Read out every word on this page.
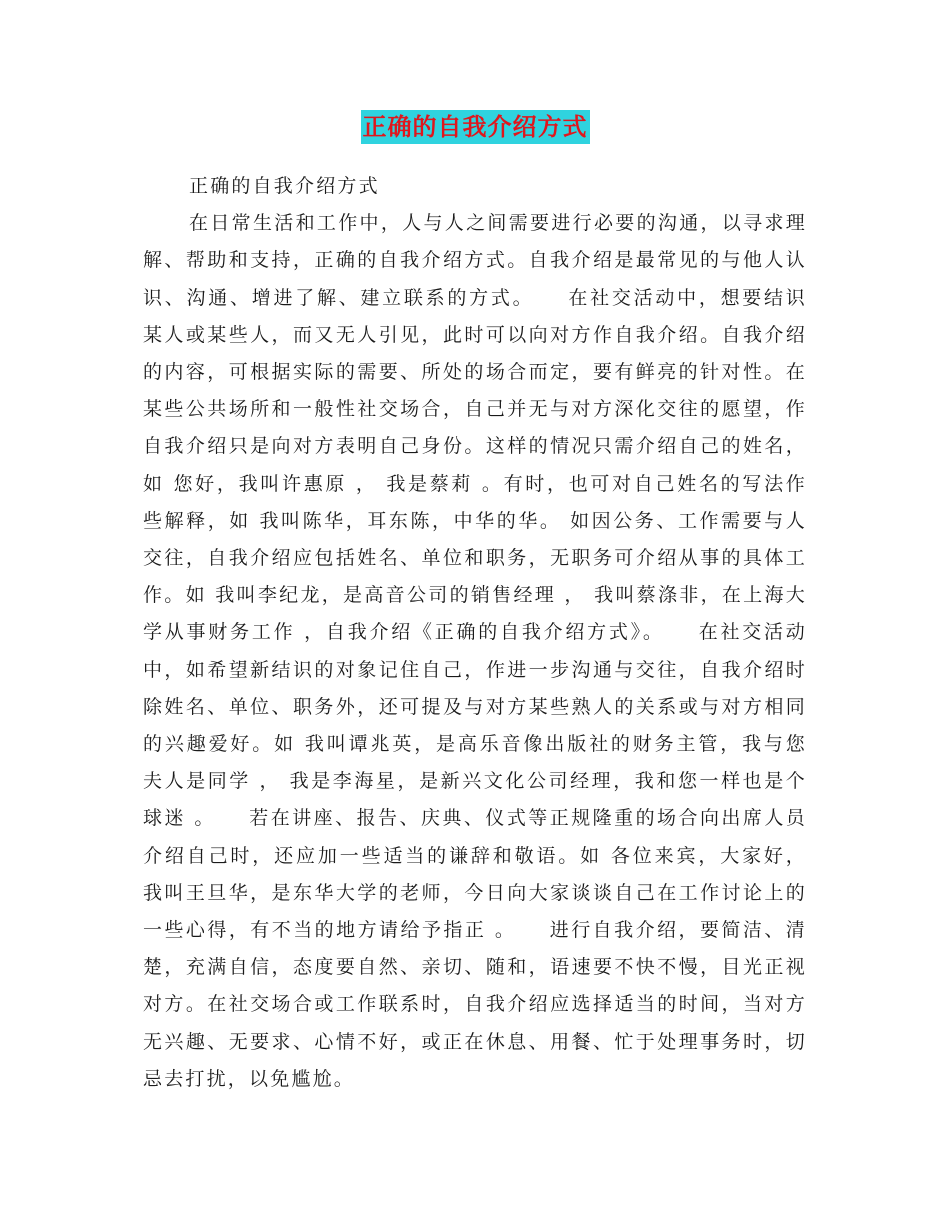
正确的自我介绍方式

正确的自我介绍方式

在日常生活和工作中，人与人之间需要进行必要的沟通，以寻求理解、帮助和支持，正确的自我介绍方式。自我介绍是最常见的与他人认识、沟通、增进了解、建立联系的方式。　　在社交活动中，想要结识某人或某些人，而又无人引见，此时可以向对方作自我介绍。自我介绍的内容，可根据实际的需要、所处的场合而定，要有鲜亮的针对性。在某些公共场所和一般性社交场合，自己并无与对方深化交往的愿望，作自我介绍只是向对方表明自己身份。这样的情况只需介绍自己的姓名，如 您好，我叫许惠原 ， 我是蔡莉 。有时，也可对自己姓名的写法作些解释，如 我叫陈华，耳东陈，中华的华。 如因公务、工作需要与人交往，自我介绍应包括姓名、单位和职务，无职务可介绍从事的具体工作。如 我叫李纪龙，是高音公司的销售经理 ， 我叫蔡涤非，在上海大学从事财务工作 ，自我介绍《正确的自我介绍方式》。　　在社交活动中，如希望新结识的对象记住自己，作进一步沟通与交往，自我介绍时除姓名、单位、职务外，还可提及与对方某些熟人的关系或与对方相同的兴趣爱好。如 我叫谭兆英，是高乐音像出版社的财务主管，我与您夫人是同学 ， 我是李海星，是新兴文化公司经理，我和您一样也是个球迷 。　　若在讲座、报告、庆典、仪式等正规隆重的场合向出席人员介绍自己时，还应加一些适当的谦辞和敬语。如 各位来宾，大家好，我叫王旦华，是东华大学的老师，今日向大家谈谈自己在工作讨论上的一些心得，有不当的地方请给予指正 。　　进行自我介绍，要简洁、清楚，充满自信，态度要自然、亲切、随和，语速要不快不慢，目光正视对方。在社交场合或工作联系时，自我介绍应选择适当的时间，当对方无兴趣、无要求、心情不好，或正在休息、用餐、忙于处理事务时，切忌去打扰，以免尴尬。
